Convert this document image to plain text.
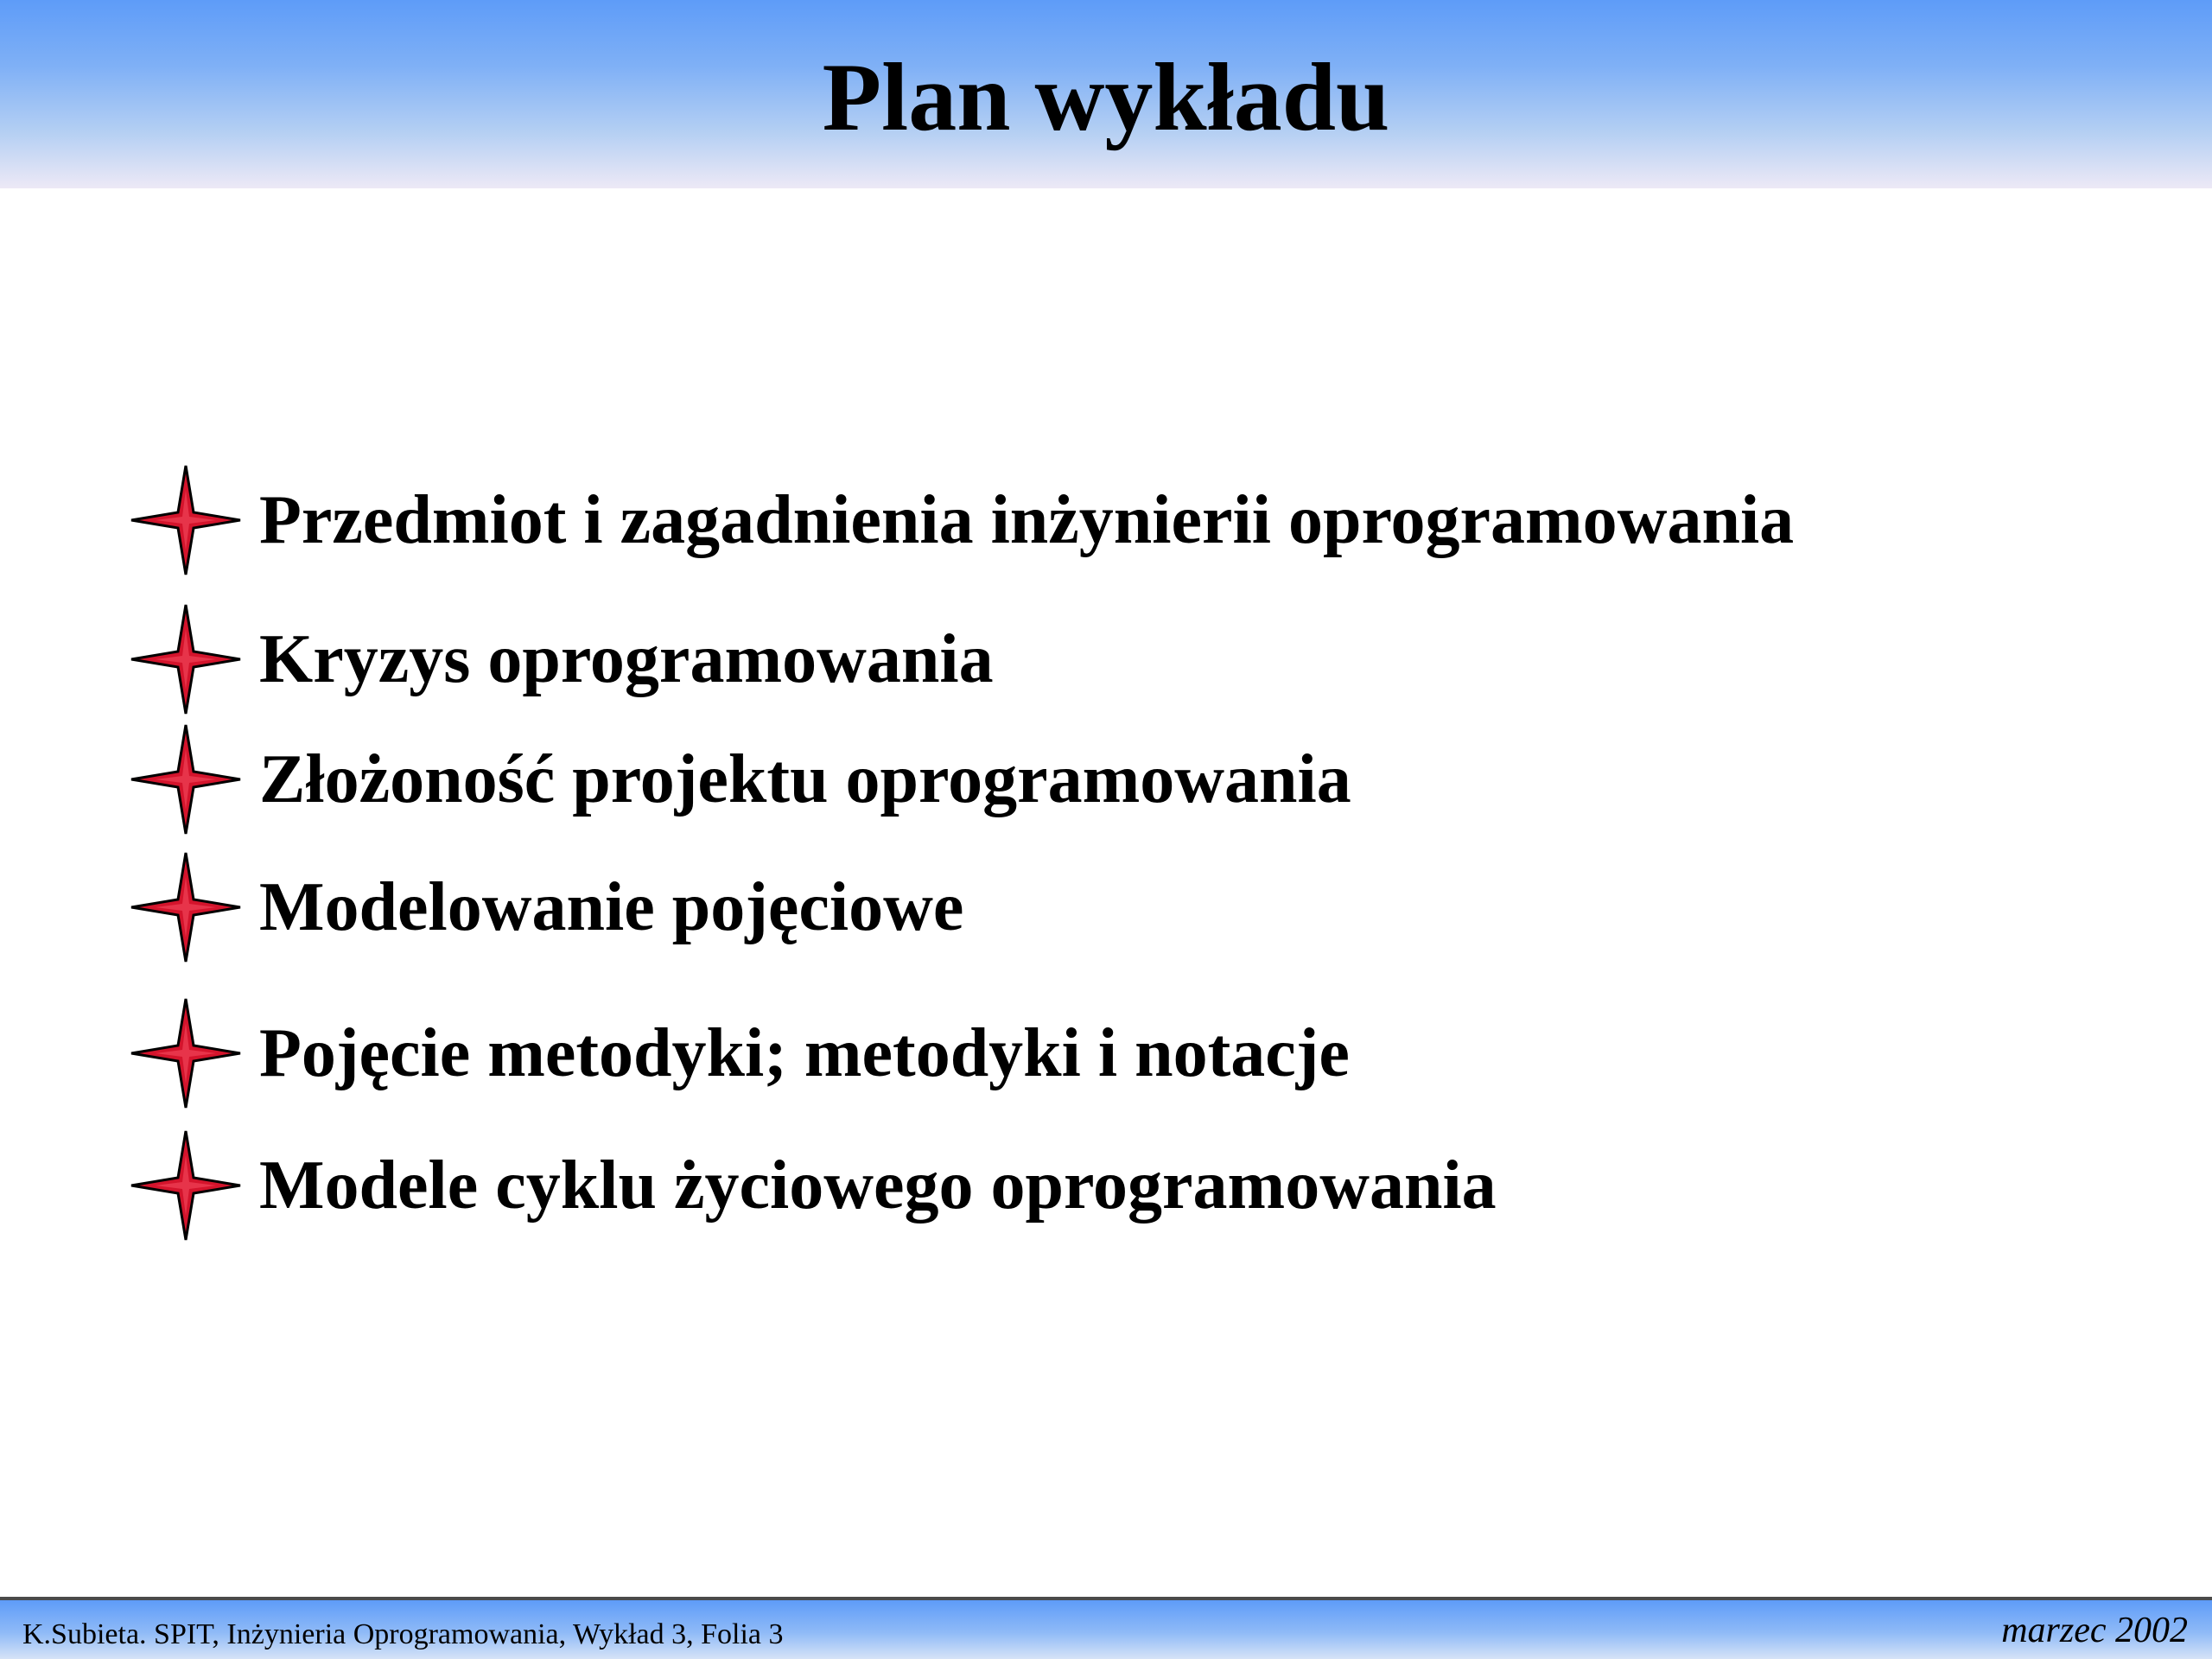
Plan wykładu
Przedmiot i zagadnienia inżynierii oprogramowania
Kryzys oprogramowania
Złożoność projektu oprogramowania
Modelowanie pojęciowe
Pojęcie metodyki; metodyki i notacje
Modele cyklu życiowego oprogramowania
K.Subieta. SPIT, Inżynieria Oprogramowania, Wykład 3, Folia 3	marzec 2002
